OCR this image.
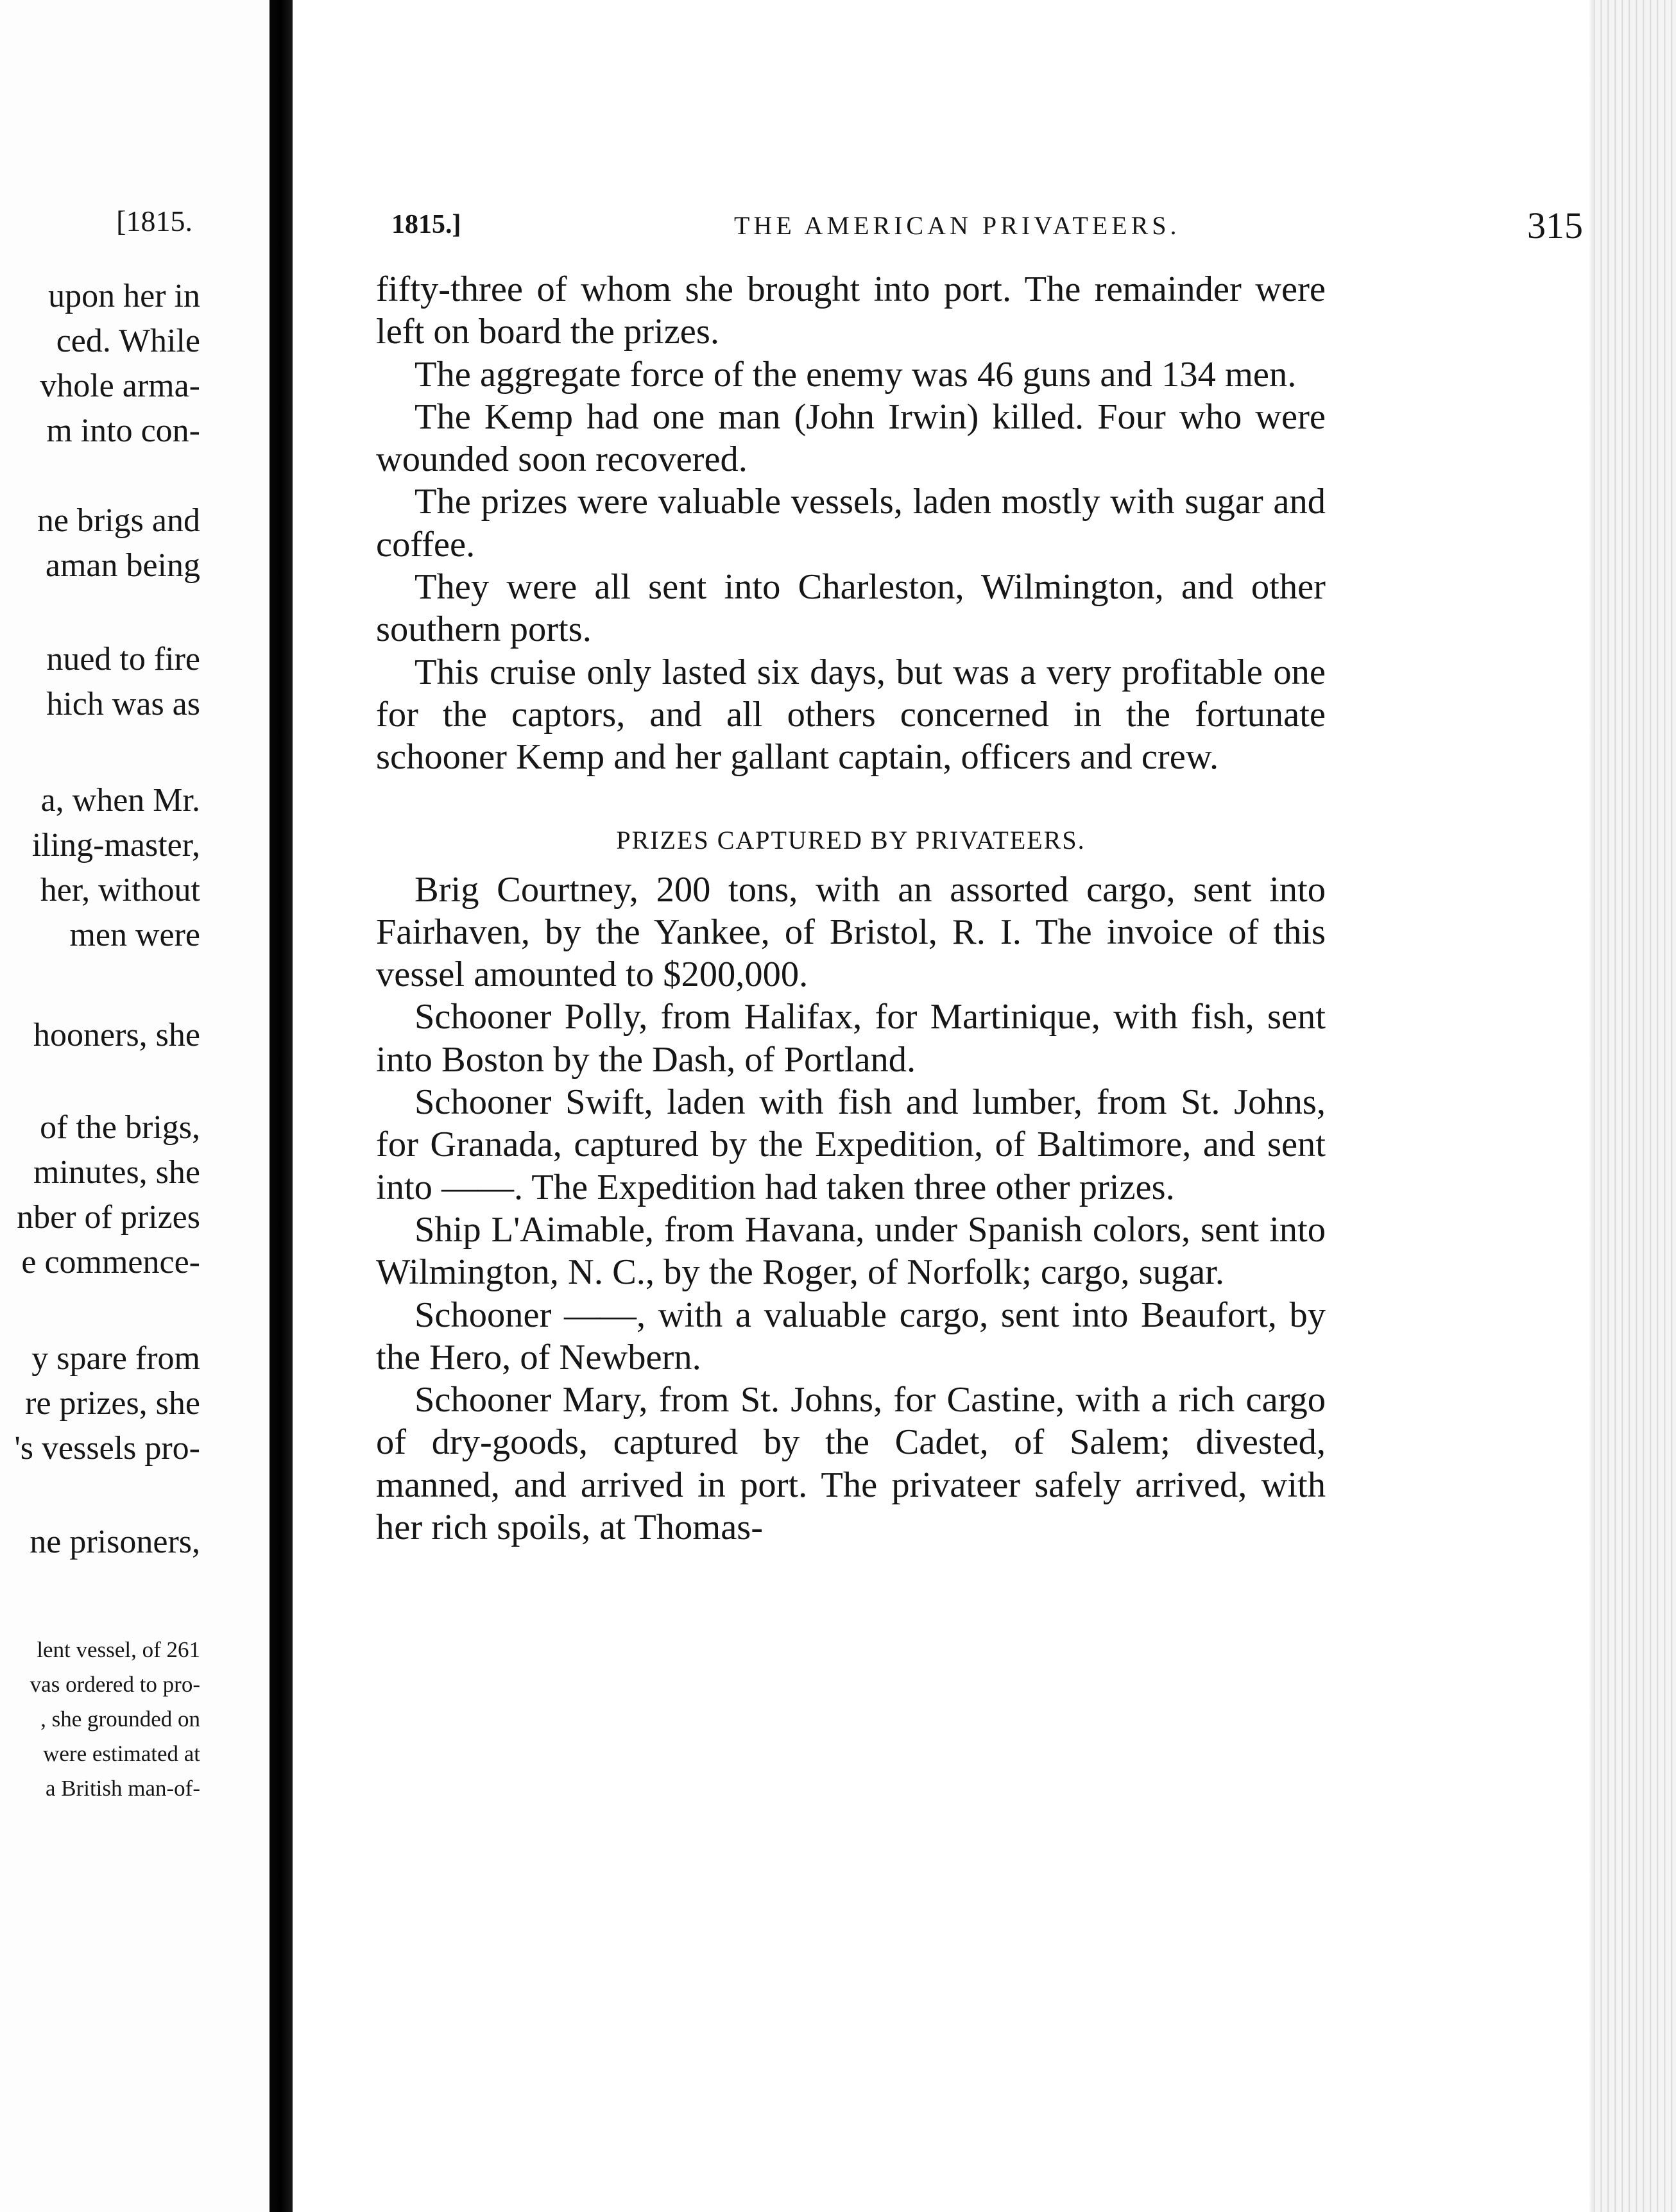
[1815.
upon her in
ced. While
vhole arma-
m into con-
ne brigs and
aman being
nued to fire
hich was as
a, when Mr.
iling-master,
her, without
men were
hooners, she
of the brigs,
minutes, she
nber of prizes
e commence-
y spare from
re prizes, she
's vessels pro-
ne prisoners,
lent vessel, of 261
vas ordered to pro-
, she grounded on
were estimated at
a British man-of-
1815.]	THE AMERICAN PRIVATEERS.	315

fifty-three of whom she brought into port. The remainder were left on board the prizes.

The aggregate force of the enemy was 46 guns and 134 men.

The Kemp had one man (John Irwin) killed. Four who were wounded soon recovered.

The prizes were valuable vessels, laden mostly with sugar and coffee.

They were all sent into Charleston, Wilmington, and other southern ports.

This cruise only lasted six days, but was a very profitable one for the captors, and all others concerned in the fortunate schooner Kemp and her gallant captain, officers and crew.

PRIZES CAPTURED BY PRIVATEERS.

Brig Courtney, 200 tons, with an assorted cargo, sent into Fairhaven, by the Yankee, of Bristol, R. I. The invoice of this vessel amounted to $200,000.

Schooner Polly, from Halifax, for Martinique, with fish, sent into Boston by the Dash, of Portland.

Schooner Swift, laden with fish and lumber, from St. Johns, for Granada, captured by the Expedition, of Baltimore, and sent into ——. The Expedition had taken three other prizes.

Ship L'Aimable, from Havana, under Spanish colors, sent into Wilmington, N. C., by the Roger, of Norfolk; cargo, sugar.

Schooner ——, with a valuable cargo, sent into Beaufort, by the Hero, of Newbern.

Schooner Mary, from St. Johns, for Castine, with a rich cargo of dry-goods, captured by the Cadet, of Salem; divested, manned, and arrived in port. The privateer safely arrived, with her rich spoils, at Thomas-
